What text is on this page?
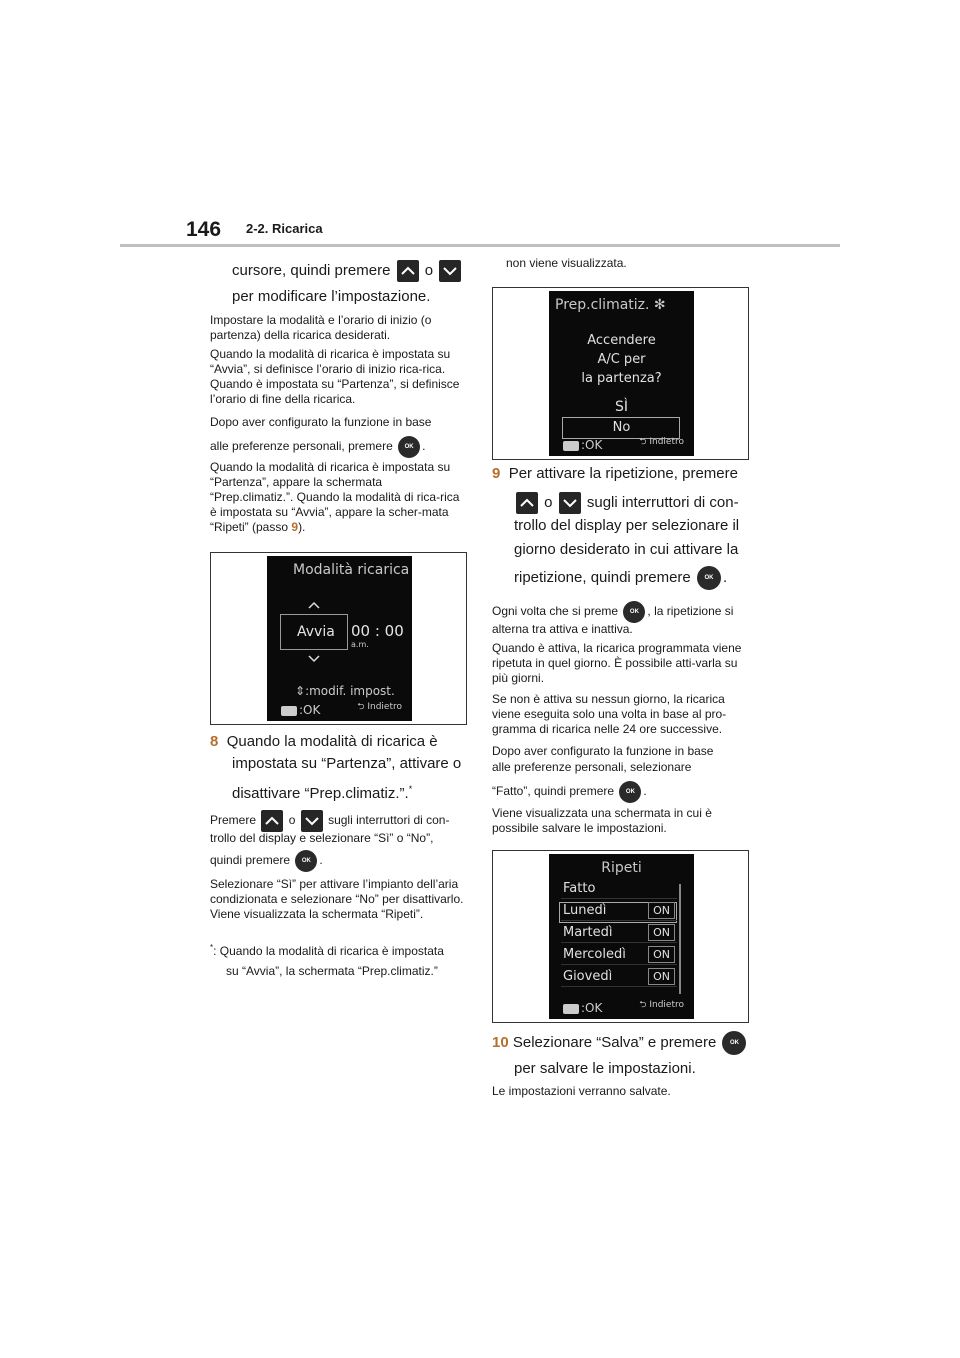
146 2-2. Ricarica
cursore, quindi premere o
per modificare l’impostazione.
Impostare la modalità e l’orario di inizio (o partenza) della ricarica desiderati.
Quando la modalità di ricarica è impostata su “Avvia”, si definisce l’orario di inizio rica-rica. Quando è impostata su “Partenza”, si definisce l’orario di fine della ricarica.
Dopo aver configurato la funzione in base
alle preferenze personali, premere OK .
Quando la modalità di ricarica è impostata su “Partenza”, appare la schermata “Prep.climatiz.”. Quando la modalità di rica-rica è impostata su “Avvia”, appare la scher-mata “Ripeti” (passo 9).
Modalità ricarica
Avvia 00 : 00
a.m.
⇕:modif. impost.
:OK	⮌ Indietro
8 Quando la modalità di ricarica è
impostata su “Partenza”, attivare o
disattivare “Prep.climatiz.”.*
Premere	o	sugli interruttori di con-
trollo del display e selezionare “Sì” o “No”,
quindi premere OK .
Selezionare “Sì” per attivare l’impianto dell’aria condizionata e selezionare “No” per disattivarlo. Viene visualizzata la schermata “Ripeti”.
*: Quando la modalità di ricarica è impostata
su “Avvia”, la schermata “Prep.climatiz.”
non viene visualizzata.
Prep.climatiz. ✻
Accendere
A/C per
la partenza?
SÌ
No
:OK	⮌ Indietro
9 Per attivare la ripetizione, premere
o sugli interruttori di con-
trollo del display per selezionare il
giorno desiderato in cui attivare la
ripetizione, quindi premere OK .
Ogni volta che si preme OK , la ripetizione si
alterna tra attiva e inattiva.
Quando è attiva, la ricarica programmata viene ripetuta in quel giorno. È possibile atti-varla su più giorni.
Se non è attiva su nessun giorno, la ricarica viene eseguita solo una volta in base al pro-gramma di ricarica nelle 24 ore successive.
Dopo aver configurato la funzione in base
alle preferenze personali, selezionare
“Fatto”, quindi premere OK .
Viene visualizzata una schermata in cui è possibile salvare le impostazioni.
Ripeti
Fatto
Lunedì	ON
Martedì	ON
Mercoledì	ON
Giovedì	ON
:OK	⮌ Indietro
10 Selezionare “Salva” e premere OK
per salvare le impostazioni.
Le impostazioni verranno salvate.
